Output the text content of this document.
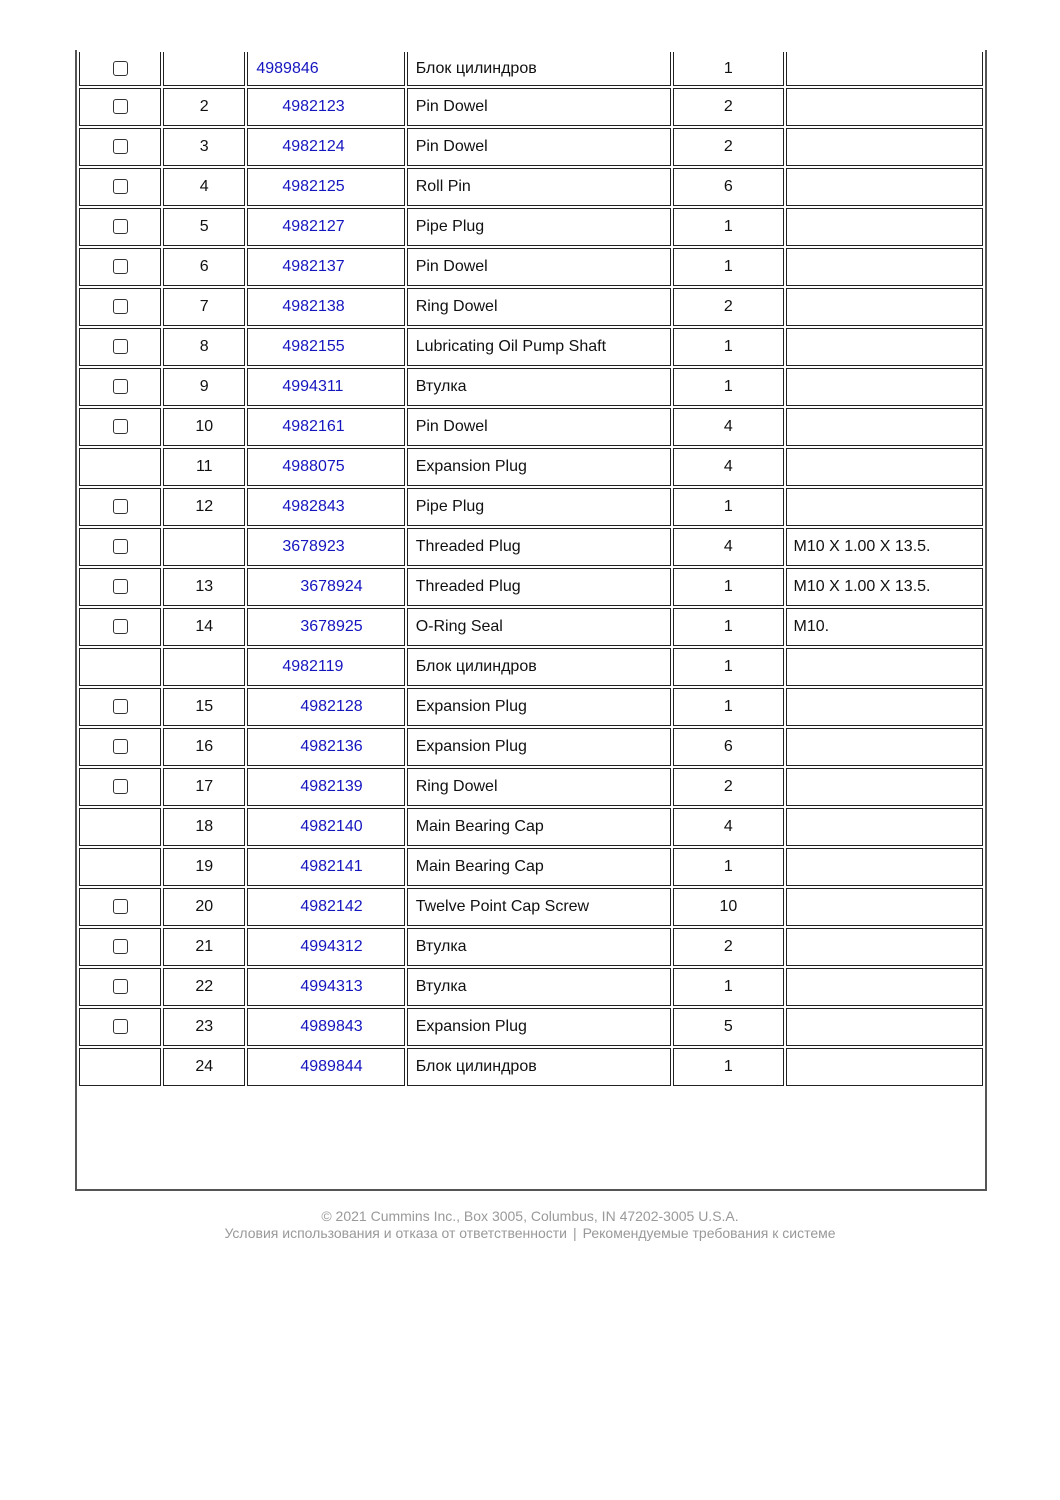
		4989846	Блок цилиндров	1	
	2	4982123	Pin Dowel	2	
	3	4982124	Pin Dowel	2	
	4	4982125	Roll Pin	6	
	5	4982127	Pipe Plug	1	
	6	4982137	Pin Dowel	1	
	7	4982138	Ring Dowel	2	
	8	4982155	Lubricating Oil Pump Shaft	1	
	9	4994311	Втулка	1	
	10	4982161	Pin Dowel	4	
	11	4988075	Expansion Plug	4	
	12	4982843	Pipe Plug	1	
		3678923	Threaded Plug	4	M10 X 1.00 X 13.5.
	13	3678924	Threaded Plug	1	M10 X 1.00 X 13.5.
	14	3678925	O-Ring Seal	1	M10.
		4982119	Блок цилиндров	1	
	15	4982128	Expansion Plug	1	
	16	4982136	Expansion Plug	6	
	17	4982139	Ring Dowel	2	
	18	4982140	Main Bearing Cap	4	
	19	4982141	Main Bearing Cap	1	
	20	4982142	Twelve Point Cap Screw	10	
	21	4994312	Втулка	2	
	22	4994313	Втулка	1	
	23	4989843	Expansion Plug	5	
	24	4989844	Блок цилиндров	1	
© 2021 Cummins Inc., Box 3005, Columbus, IN 47202-3005 U.S.A.
Условия использования и отказа от ответственности | Рекомендуемые требования к системе
